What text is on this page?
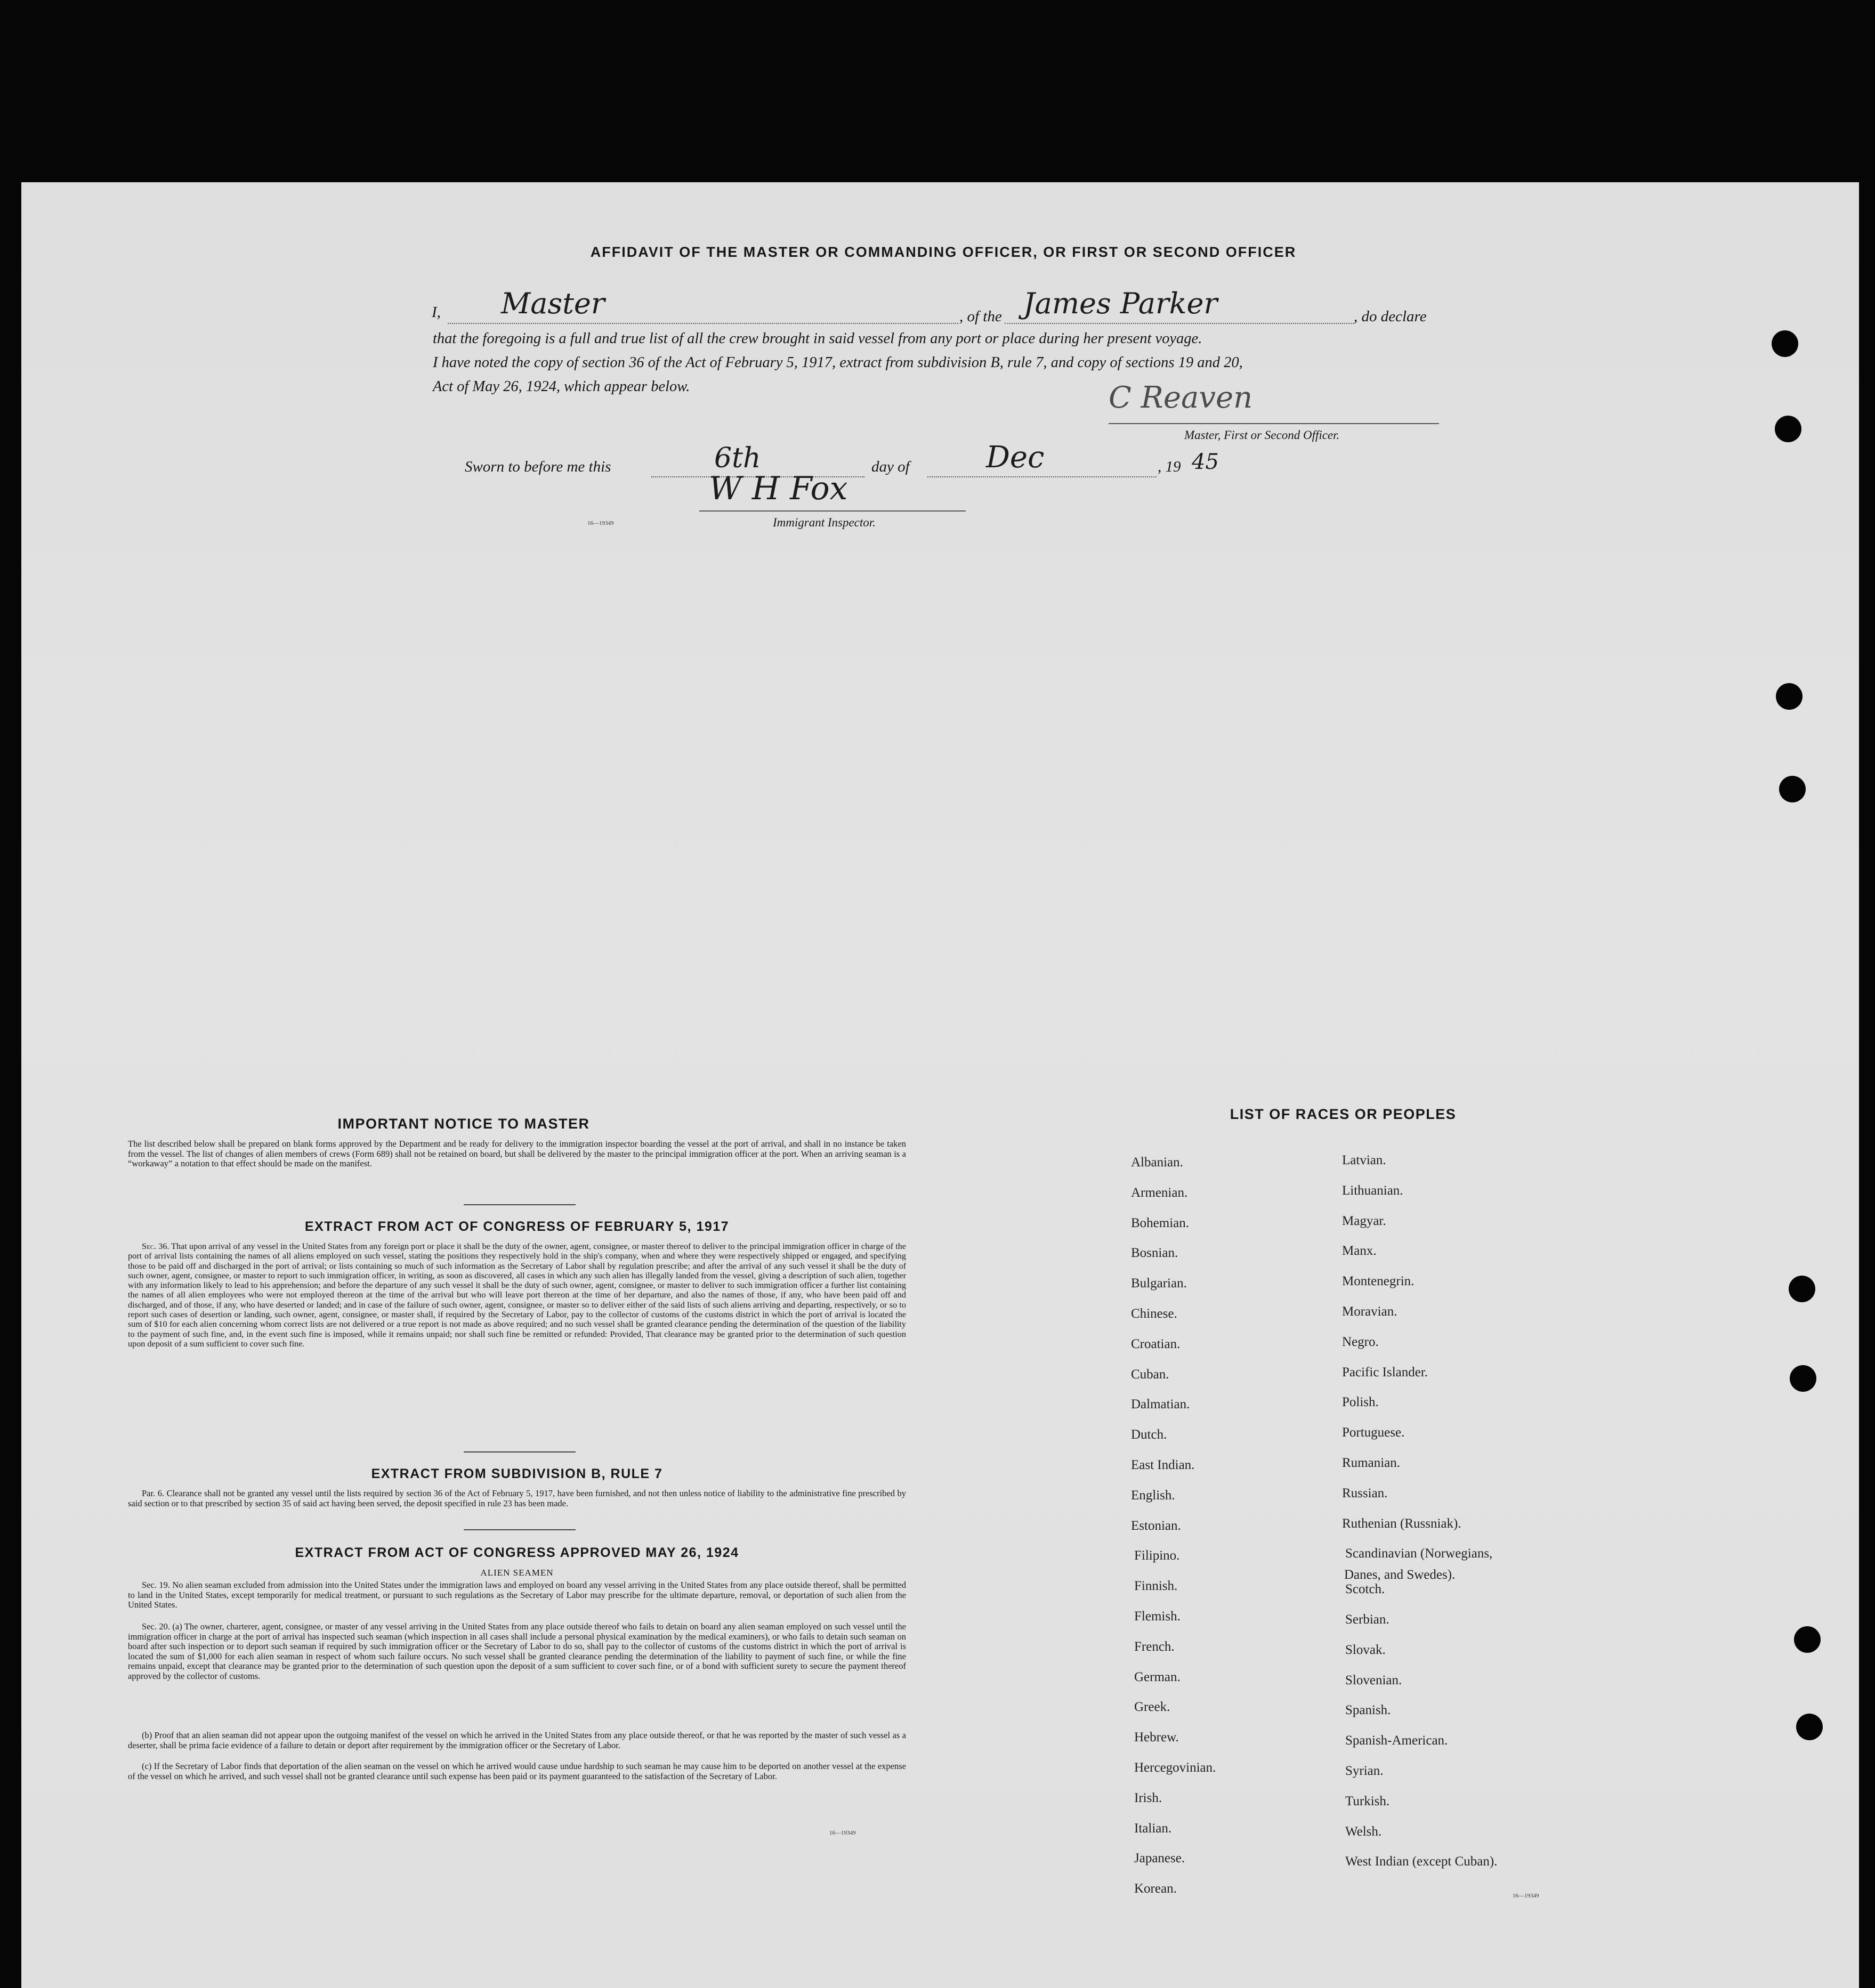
AFFIDAVIT OF THE MASTER OR COMMANDING OFFICER, OR FIRST OR SECOND OFFICER
I, Master	, of the James Parker	, do declare
that the foregoing is a full and true list of all the crew brought in said vessel from any port or place during her present voyage.
I have noted the copy of section 36 of the Act of February 5, 1917, extract from subdivision B, rule 7, and copy of sections 19 and 20,
Act of May 26, 1924, which appear below.	C Reaven
Master, First or Second Officer.
Sworn to before me this	6th	day of	Dec	, 19 45
W H Fox
16—19349	Immigrant Inspector.
IMPORTANT NOTICE TO MASTER
The list described below shall be prepared on blank forms approved by the Department and be ready for delivery to the immigration inspector boarding the vessel at the port of arrival, and shall in no instance be taken from the vessel. The list of changes of alien members of crews (Form 689) shall not be retained on board, but shall be delivered by the master to the principal immigration officer at the port. When an arriving seaman is a “workaway” a notation to that effect should be made on the manifest.
EXTRACT FROM ACT OF CONGRESS OF FEBRUARY 5, 1917
Sec. 36. That upon arrival of any vessel in the United States from any foreign port or place it shall be the duty of the owner, agent, consignee, or master thereof to deliver to the principal immigration officer in charge of the port of arrival lists containing the names of all aliens employed on such vessel, stating the positions they respectively hold in the ship's company, when and where they were respectively shipped or engaged, and specifying those to be paid off and discharged in the port of arrival; or lists containing so much of such information as the Secretary of Labor shall by regulation prescribe; and after the arrival of any such vessel it shall be the duty of such owner, agent, consignee, or master to report to such immigration officer, in writing, as soon as discovered, all cases in which any such alien has illegally landed from the vessel, giving a description of such alien, together with any information likely to lead to his apprehension; and before the departure of any such vessel it shall be the duty of such owner, agent, consignee, or master to deliver to such immigration officer a further list containing the names of all alien employees who were not employed thereon at the time of the arrival but who will leave port thereon at the time of her departure, and also the names of those, if any, who have been paid off and discharged, and of those, if any, who have deserted or landed; and in case of the failure of such owner, agent, consignee, or master so to deliver either of the said lists of such aliens arriving and departing, respectively, or so to report such cases of desertion or landing, such owner, agent, consignee, or master shall, if required by the Secretary of Labor, pay to the collector of customs of the customs district in which the port of arrival is located the sum of $10 for each alien concerning whom correct lists are not delivered or a true report is not made as above required; and no such vessel shall be granted clearance pending the determination of the question of the liability to the payment of such fine, and, in the event such fine is imposed, while it remains unpaid; nor shall such fine be remitted or refunded: Provided, That clearance may be granted prior to the determination of such question upon deposit of a sum sufficient to cover such fine.
EXTRACT FROM SUBDIVISION B, RULE 7
Par. 6. Clearance shall not be granted any vessel until the lists required by section 36 of the Act of February 5, 1917, have been furnished, and not then unless notice of liability to the administrative fine prescribed by said section or to that prescribed by section 35 of said act having been served, the deposit specified in rule 23 has been made.
EXTRACT FROM ACT OF CONGRESS APPROVED MAY 26, 1924
ALIEN SEAMEN
Sec. 19. No alien seaman excluded from admission into the United States under the immigration laws and employed on board any vessel arriving in the United States from any place outside thereof, shall be permitted to land in the United States, except temporarily for medical treatment, or pursuant to such regulations as the Secretary of Labor may prescribe for the ultimate departure, removal, or deportation of such alien from the United States.
Sec. 20. (a) The owner, charterer, agent, consignee, or master of any vessel arriving in the United States from any place outside thereof who fails to detain on board any alien seaman employed on such vessel until the immigration officer in charge at the port of arrival has inspected such seaman (which inspection in all cases shall include a personal physical examination by the medical examiners), or who fails to detain such seaman on board after such inspection or to deport such seaman if required by such immigration officer or the Secretary of Labor to do so, shall pay to the collector of customs of the customs district in which the port of arrival is located the sum of $1,000 for each alien seaman in respect of whom such failure occurs. No such vessel shall be granted clearance pending the determination of the liability to payment of such fine, or while the fine remains unpaid, except that clearance may be granted prior to the determination of such question upon the deposit of a sum sufficient to cover such fine, or of a bond with sufficient surety to secure the payment thereof approved by the collector of customs.
(b) Proof that an alien seaman did not appear upon the outgoing manifest of the vessel on which he arrived in the United States from any place outside thereof, or that he was reported by the master of such vessel as a deserter, shall be prima facie evidence of a failure to detain or deport after requirement by the immigration officer or the Secretary of Labor.
(c) If the Secretary of Labor finds that deportation of the alien seaman on the vessel on which he arrived would cause undue hardship to such seaman he may cause him to be deported on another vessel at the expense of the vessel on which he arrived, and such vessel shall not be granted clearance until such expense has been paid or its payment guaranteed to the satisfaction of the Secretary of Labor.
16—19349
LIST OF RACES OR PEOPLES
Albanian.
Armenian.
Bohemian.
Bosnian.
Bulgarian.
Chinese.
Croatian.
Cuban.
Dalmatian.
Dutch.
East Indian.
English.
Estonian.
Filipino.
Finnish.
Flemish.
French.
German.
Greek.
Hebrew.
Hercegovinian.
Irish.
Italian.
Japanese.
Korean.
Latvian.
Lithuanian.
Magyar.
Manx.
Montenegrin.
Moravian.
Negro.
Pacific Islander.
Polish.
Portuguese.
Rumanian.
Russian.
Ruthenian (Russniak).
Scandinavian (Norwegians,
Scotch.
Serbian.
Slovak.
Slovenian.
Spanish.
Spanish-American.
Syrian.
Turkish.
Welsh.
West Indian (except Cuban).
Danes, and Swedes).
16—19349
